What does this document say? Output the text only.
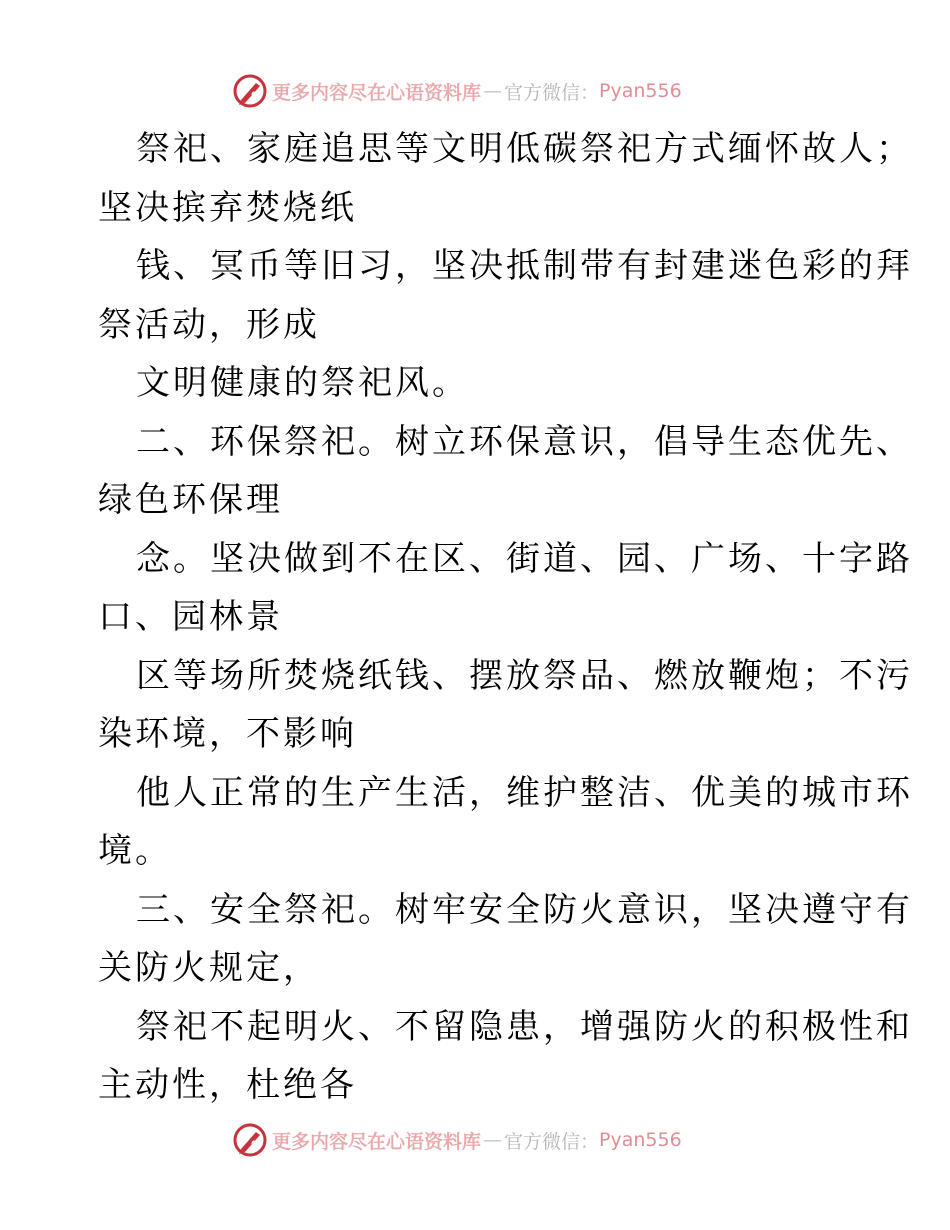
更多内容尽在心语资料库 — 官方微信： Pyan556
祭祀、家庭追思等文明低碳祭祀方式缅怀故人；
坚决摈弃焚烧纸
钱、冥币等旧习，坚决抵制带有封建迷色彩的拜
祭活动，形成
文明健康的祭祀风。
二、环保祭祀。树立环保意识，倡导生态优先、
绿色环保理
念。坚决做到不在区、街道、园、广场、十字路
口、园林景
区等场所焚烧纸钱、摆放祭品、燃放鞭炮；不污
染环境，不影响
他人正常的生产生活，维护整洁、优美的城市环
境。
三、安全祭祀。树牢安全防火意识，坚决遵守有
关防火规定，
祭祀不起明火、不留隐患，增强防火的积极性和
主动性，杜绝各
更多内容尽在心语资料库 — 官方微信： Pyan556
